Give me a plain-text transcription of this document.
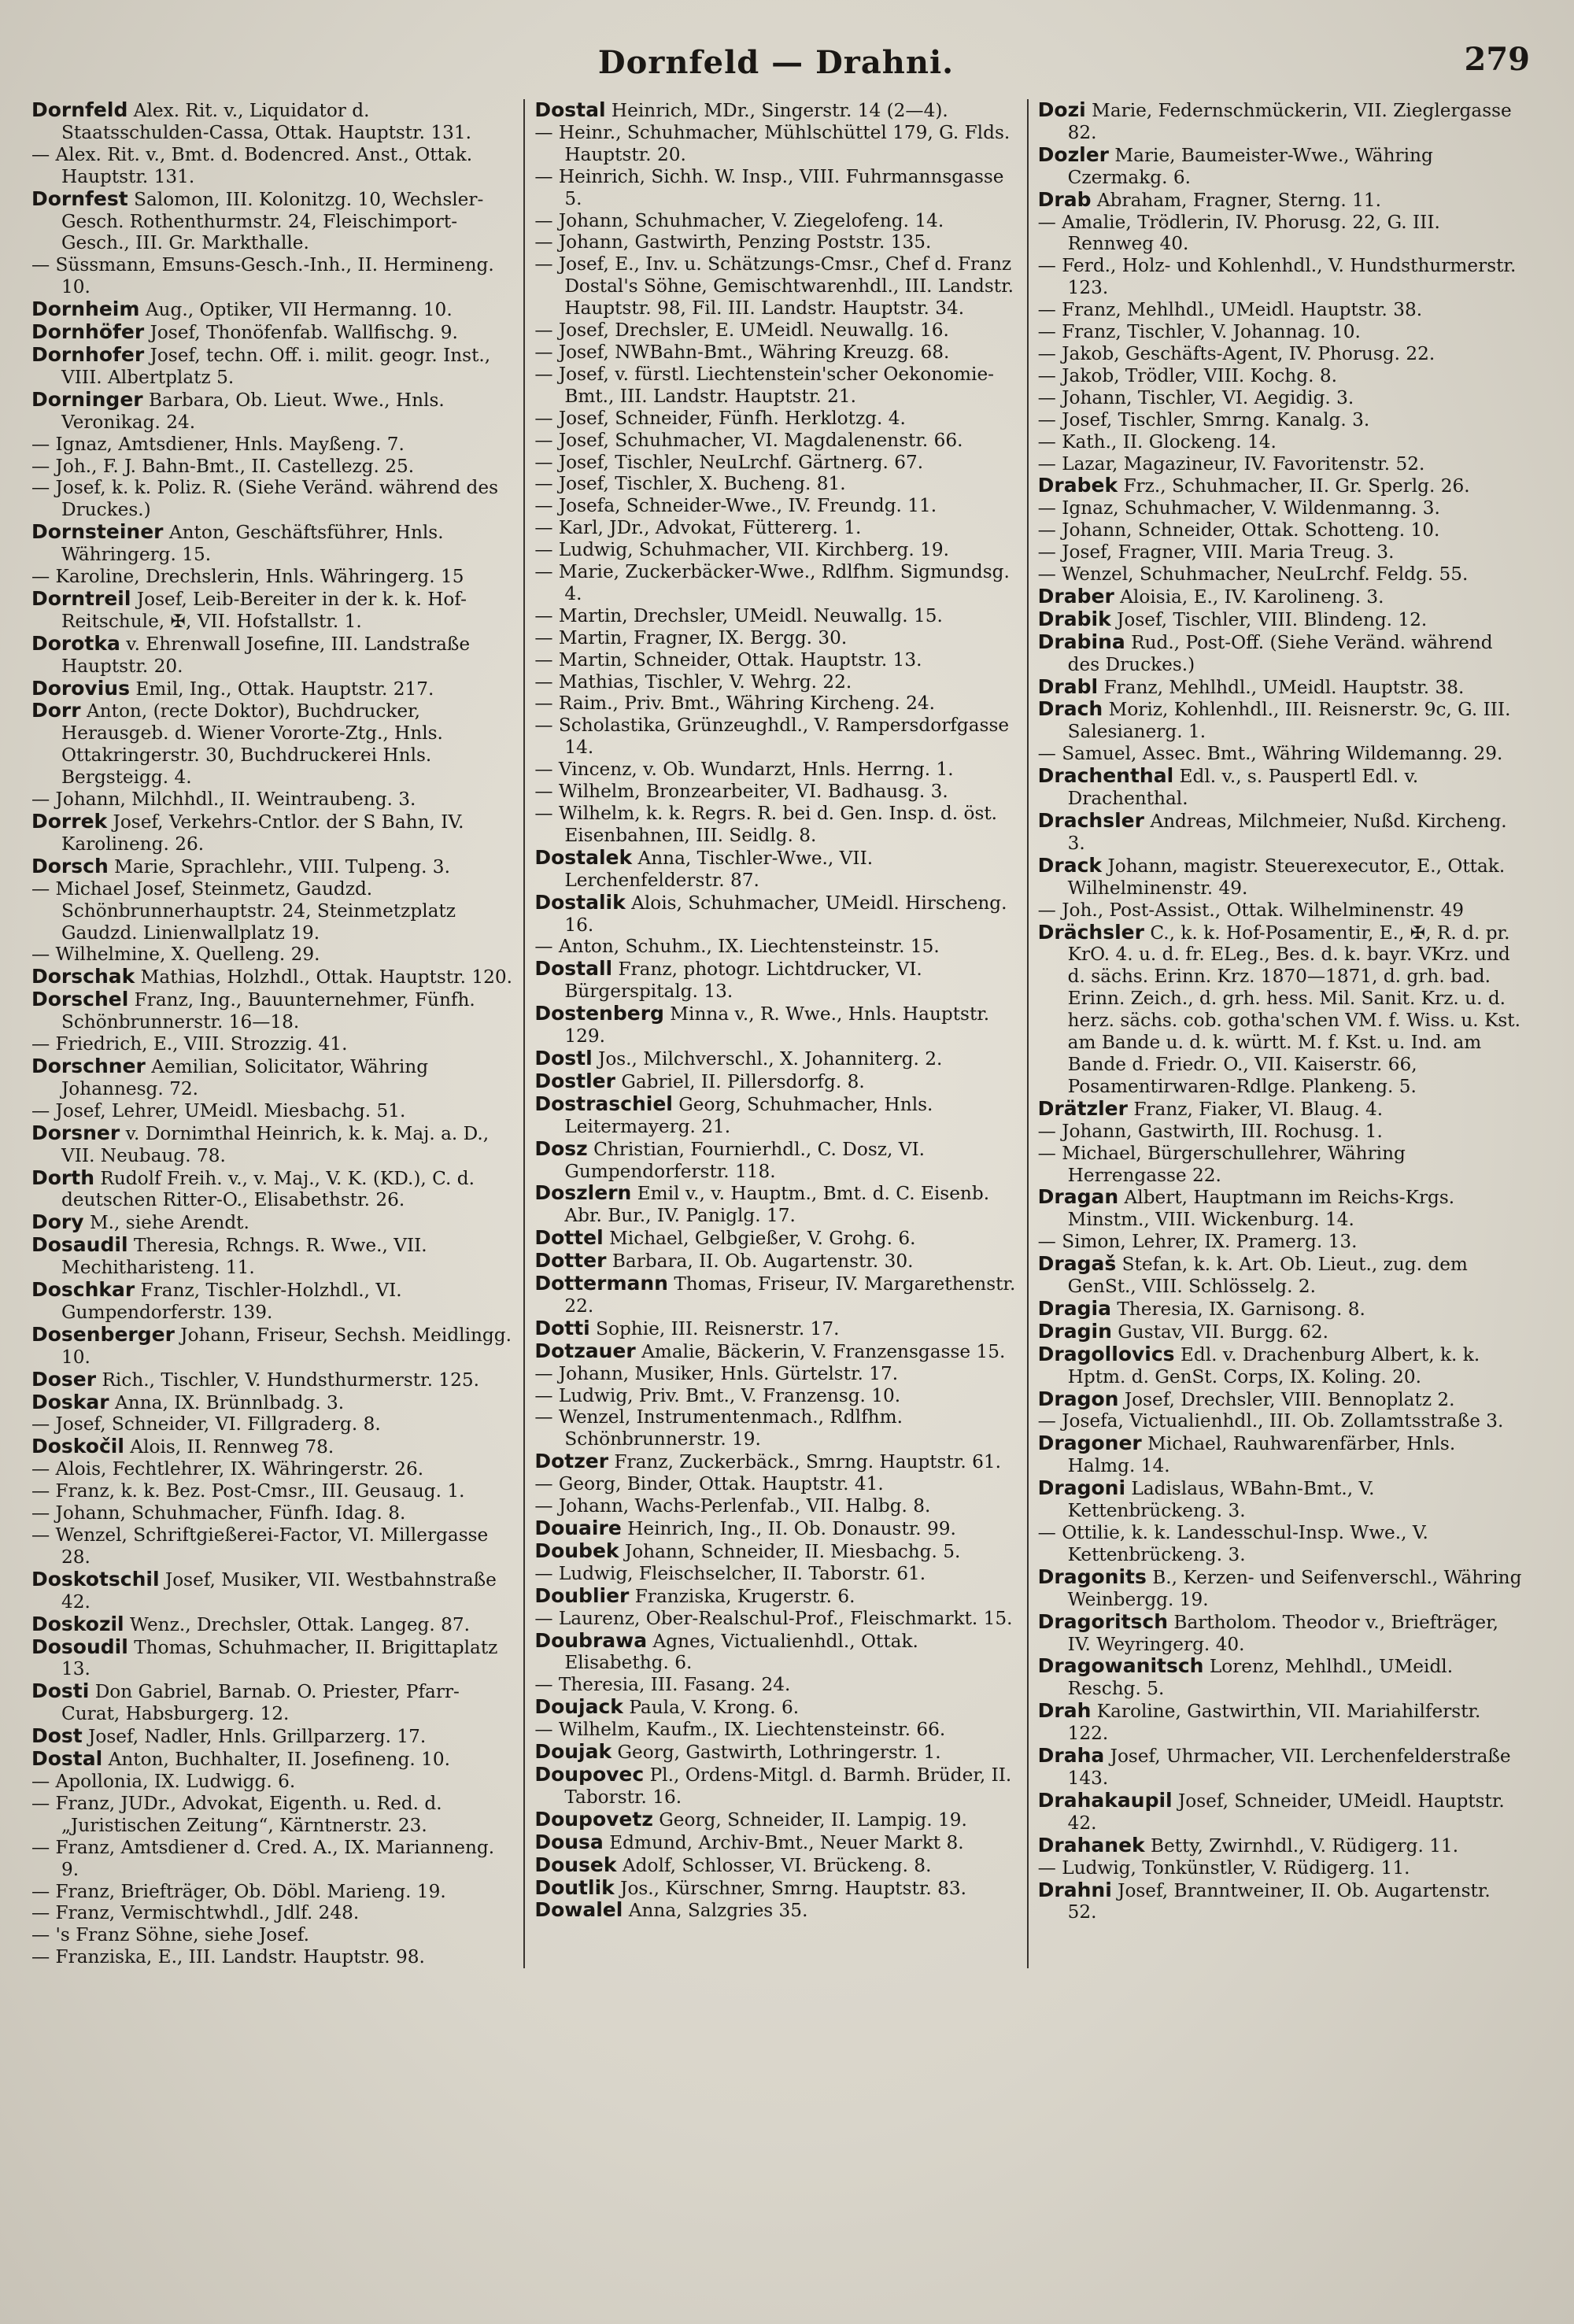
Dornfeld — Drahni.	279

Dornfeld Alex. Rit. v., Liquidator d. Staatsschulden-Cassa, Ottak. Hauptstr. 131.

— Alex. Rit. v., Bmt. d. Bodencred. Anst., Ottak. Hauptstr. 131.

Dornfest Salomon, III. Kolonitzg. 10, Wechsler-Gesch. Rothenthurmstr. 24, Fleischimport-Gesch., III. Gr. Markthalle.

— Süssmann, Emsuns-Gesch.-Inh., II. Hermineng. 10.

Dornheim Aug., Optiker, VII Hermanng. 10.

Dornhöfer Josef, Thonöfenfab. Wallfischg. 9.

Dornhofer Josef, techn. Off. i. milit. geogr. Inst., VIII. Albertplatz 5.

Dorninger Barbara, Ob. Lieut. Wwe., Hnls. Veronikag. 24.

— Ignaz, Amtsdiener, Hnls. Mayßeng. 7.

— Joh., F. J. Bahn-Bmt., II. Castellezg. 25.

— Josef, k. k. Poliz. R. (Siehe Veränd. während des Druckes.)

Dornsteiner Anton, Geschäftsführer, Hnls. Währingerg. 15.

— Karoline, Drechslerin, Hnls. Währingerg. 15

Dorntreil Josef, Leib-Bereiter in der k. k. Hof-Reitschule, ✠, VII. Hofstallstr. 1.

Dorotka v. Ehrenwall Josefine, III. Landstraße Hauptstr. 20.

Dorovius Emil, Ing., Ottak. Hauptstr. 217.

Dorr Anton, (recte Doktor), Buchdrucker, Herausgeb. d. Wiener Vororte-Ztg., Hnls. Ottakringerstr. 30, Buchdruckerei Hnls. Bergsteigg. 4.

— Johann, Milchhdl., II. Weintraubeng. 3.

Dorrek Josef, Verkehrs-Cntlor. der S Bahn, IV. Karolineng. 26.

Dorsch Marie, Sprachlehr., VIII. Tulpeng. 3.

— Michael Josef, Steinmetz, Gaudzd. Schönbrunnerhauptstr. 24, Steinmetzplatz Gaudzd. Linienwallplatz 19.

— Wilhelmine, X. Quelleng. 29.

Dorschak Mathias, Holzhdl., Ottak. Hauptstr. 120.

Dorschel Franz, Ing., Bauunternehmer, Fünfh. Schönbrunnerstr. 16—18.

— Friedrich, E., VIII. Strozzig. 41.

Dorschner Aemilian, Solicitator, Währing Johannesg. 72.

— Josef, Lehrer, UMeidl. Miesbachg. 51.

Dorsner v. Dornimthal Heinrich, k. k. Maj. a. D., VII. Neubaug. 78.

Dorth Rudolf Freih. v., v. Maj., V. K. (KD.), C. d. deutschen Ritter-O., Elisabethstr. 26.

Dory M., siehe Arendt.

Dosaudil Theresia, Rchngs. R. Wwe., VII. Mechitharisteng. 11.

Doschkar Franz, Tischler-Holzhdl., VI. Gumpendorferstr. 139.

Dosenberger Johann, Friseur, Sechsh. Meidlingg. 10.

Doser Rich., Tischler, V. Hundsthurmerstr. 125.

Doskar Anna, IX. Brünnlbadg. 3.

— Josef, Schneider, VI. Fillgraderg. 8.

Doskočil Alois, II. Rennweg 78.

— Alois, Fechtlehrer, IX. Währingerstr. 26.

— Franz, k. k. Bez. Post-Cmsr., III. Geusaug. 1.

— Johann, Schuhmacher, Fünfh. Idag. 8.

— Wenzel, Schriftgießerei-Factor, VI. Millergasse 28.

Doskotschil Josef, Musiker, VII. Westbahnstraße 42.

Doskozil Wenz., Drechsler, Ottak. Langeg. 87.

Dosoudil Thomas, Schuhmacher, II. Brigittaplatz 13.

Dosti Don Gabriel, Barnab. O. Priester, Pfarr-Curat, Habsburgerg. 12.

Dost Josef, Nadler, Hnls. Grillparzerg. 17.

Dostal Anton, Buchhalter, II. Josefineng. 10.

— Apollonia, IX. Ludwigg. 6.

— Franz, JUDr., Advokat, Eigenth. u. Red. d. „Juristischen Zeitung“, Kärntnerstr. 23.

— Franz, Amtsdiener d. Cred. A., IX. Marianneng. 9.

— Franz, Briefträger, Ob. Döbl. Marieng. 19.

— Franz, Vermischtwhdl., Jdlf. 248.

— 's Franz Söhne, siehe Josef.

— Franziska, E., III. Landstr. Hauptstr. 98.

Dostal Heinrich, MDr., Singerstr. 14 (2—4).

— Heinr., Schuhmacher, Mühlschüttel 179, G. Flds. Hauptstr. 20.

— Heinrich, Sichh. W. Insp., VIII. Fuhrmannsgasse 5.

— Johann, Schuhmacher, V. Ziegelofeng. 14.

— Johann, Gastwirth, Penzing Poststr. 135.

— Josef, E., Inv. u. Schätzungs-Cmsr., Chef d. Franz Dostal's Söhne, Gemischtwarenhdl., III. Landstr. Hauptstr. 98, Fil. III. Landstr. Hauptstr. 34.

— Josef, Drechsler, E. UMeidl. Neuwallg. 16.

— Josef, NWBahn-Bmt., Währing Kreuzg. 68.

— Josef, v. fürstl. Liechtenstein'scher Oekonomie-Bmt., III. Landstr. Hauptstr. 21.

— Josef, Schneider, Fünfh. Herklotzg. 4.

— Josef, Schuhmacher, VI. Magdalenenstr. 66.

— Josef, Tischler, NeuLrchf. Gärtnerg. 67.

— Josef, Tischler, X. Bucheng. 81.

— Josefa, Schneider-Wwe., IV. Freundg. 11.

— Karl, JDr., Advokat, Füttererg. 1.

— Ludwig, Schuhmacher, VII. Kirchberg. 19.

— Marie, Zuckerbäcker-Wwe., Rdlfhm. Sigmundsg. 4.

— Martin, Drechsler, UMeidl. Neuwallg. 15.

— Martin, Fragner, IX. Bergg. 30.

— Martin, Schneider, Ottak. Hauptstr. 13.

— Mathias, Tischler, V. Wehrg. 22.

— Raim., Priv. Bmt., Währing Kircheng. 24.

— Scholastika, Grünzeughdl., V. Rampersdorfgasse 14.

— Vincenz, v. Ob. Wundarzt, Hnls. Herrng. 1.

— Wilhelm, Bronzearbeiter, VI. Badhausg. 3.

— Wilhelm, k. k. Regrs. R. bei d. Gen. Insp. d. öst. Eisenbahnen, III. Seidlg. 8.

Dostalek Anna, Tischler-Wwe., VII. Lerchenfelderstr. 87.

Dostalik Alois, Schuhmacher, UMeidl. Hirscheng. 16.

— Anton, Schuhm., IX. Liechtensteinstr. 15.

Dostall Franz, photogr. Lichtdrucker, VI. Bürgerspitalg. 13.

Dostenberg Minna v., R. Wwe., Hnls. Hauptstr. 129.

Dostl Jos., Milchverschl., X. Johanniterg. 2.

Dostler Gabriel, II. Pillersdorfg. 8.

Dostraschiel Georg, Schuhmacher, Hnls. Leitermayerg. 21.

Dosz Christian, Fournierhdl., C. Dosz, VI. Gumpendorferstr. 118.

Doszlern Emil v., v. Hauptm., Bmt. d. C. Eisenb. Abr. Bur., IV. Paniglg. 17.

Dottel Michael, Gelbgießer, V. Grohg. 6.

Dotter Barbara, II. Ob. Augartenstr. 30.

Dottermann Thomas, Friseur, IV. Margarethenstr. 22.

Dotti Sophie, III. Reisnerstr. 17.

Dotzauer Amalie, Bäckerin, V. Franzensgasse 15.

— Johann, Musiker, Hnls. Gürtelstr. 17.

— Ludwig, Priv. Bmt., V. Franzensg. 10.

— Wenzel, Instrumentenmach., Rdlfhm. Schönbrunnerstr. 19.

Dotzer Franz, Zuckerbäck., Smrng. Hauptstr. 61.

— Georg, Binder, Ottak. Hauptstr. 41.

— Johann, Wachs-Perlenfab., VII. Halbg. 8.

Douaire Heinrich, Ing., II. Ob. Donaustr. 99.

Doubek Johann, Schneider, II. Miesbachg. 5.

— Ludwig, Fleischselcher, II. Taborstr. 61.

Doublier Franziska, Krugerstr. 6.

— Laurenz, Ober-Realschul-Prof., Fleischmarkt. 15.

Doubrawa Agnes, Victualienhdl., Ottak. Elisabethg. 6.

— Theresia, III. Fasang. 24.

Doujack Paula, V. Krong. 6.

— Wilhelm, Kaufm., IX. Liechtensteinstr. 66.

Doujak Georg, Gastwirth, Lothringerstr. 1.

Doupovec Pl., Ordens-Mitgl. d. Barmh. Brüder, II. Taborstr. 16.

Doupovetz Georg, Schneider, II. Lampig. 19.

Dousa Edmund, Archiv-Bmt., Neuer Markt 8.

Dousek Adolf, Schlosser, VI. Brückeng. 8.

Doutlik Jos., Kürschner, Smrng. Hauptstr. 83.

Dowalel Anna, Salzgries 35.

Dozi Marie, Federnschmückerin, VII. Zieglergasse 82.

Dozler Marie, Baumeister-Wwe., Währing Czermakg. 6.

Drab Abraham, Fragner, Sterng. 11.

— Amalie, Trödlerin, IV. Phorusg. 22, G. III. Rennweg 40.

— Ferd., Holz- und Kohlenhdl., V. Hundsthurmerstr. 123.

— Franz, Mehlhdl., UMeidl. Hauptstr. 38.

— Franz, Tischler, V. Johannag. 10.

— Jakob, Geschäfts-Agent, IV. Phorusg. 22.

— Jakob, Trödler, VIII. Kochg. 8.

— Johann, Tischler, VI. Aegidig. 3.

— Josef, Tischler, Smrng. Kanalg. 3.

— Kath., II. Glockeng. 14.

— Lazar, Magazineur, IV. Favoritenstr. 52.

Drabek Frz., Schuhmacher, II. Gr. Sperlg. 26.

— Ignaz, Schuhmacher, V. Wildenmanng. 3.

— Johann, Schneider, Ottak. Schotteng. 10.

— Josef, Fragner, VIII. Maria Treug. 3.

— Wenzel, Schuhmacher, NeuLrchf. Feldg. 55.

Draber Aloisia, E., IV. Karolineng. 3.

Drabik Josef, Tischler, VIII. Blindeng. 12.

Drabina Rud., Post-Off. (Siehe Veränd. während des Druckes.)

Drabl Franz, Mehlhdl., UMeidl. Hauptstr. 38.

Drach Moriz, Kohlenhdl., III. Reisnerstr. 9c, G. III. Salesianerg. 1.

— Samuel, Assec. Bmt., Währing Wildemanng. 29.

Drachenthal Edl. v., s. Pauspertl Edl. v. Drachenthal.

Drachsler Andreas, Milchmeier, Nußd. Kircheng. 3.

Drack Johann, magistr. Steuerexecutor, E., Ottak. Wilhelminenstr. 49.

— Joh., Post-Assist., Ottak. Wilhelminenstr. 49

Drächsler C., k. k. Hof-Posamentir, E., ✠, R. d. pr. KrO. 4. u. d. fr. ELeg., Bes. d. k. bayr. VKrz. und d. sächs. Erinn. Krz. 1870—1871, d. grh. bad. Erinn. Zeich., d. grh. hess. Mil. Sanit. Krz. u. d. herz. sächs. cob. gotha'schen VM. f. Wiss. u. Kst. am Bande u. d. k. württ. M. f. Kst. u. Ind. am Bande d. Friedr. O., VII. Kaiserstr. 66, Posamentirwaren-Rdlge. Plankeng. 5.

Drätzler Franz, Fiaker, VI. Blaug. 4.

— Johann, Gastwirth, III. Rochusg. 1.

— Michael, Bürgerschullehrer, Währing Herrengasse 22.

Dragan Albert, Hauptmann im Reichs-Krgs. Minstm., VIII. Wickenburg. 14.

— Simon, Lehrer, IX. Pramerg. 13.

Dragaš Stefan, k. k. Art. Ob. Lieut., zug. dem GenSt., VIII. Schlösselg. 2.

Dragia Theresia, IX. Garnisong. 8.

Dragin Gustav, VII. Burgg. 62.

Dragollovics Edl. v. Drachenburg Albert, k. k. Hptm. d. GenSt. Corps, IX. Koling. 20.

Dragon Josef, Drechsler, VIII. Bennoplatz 2.

— Josefa, Victualienhdl., III. Ob. Zollamtsstraße 3.

Dragoner Michael, Rauhwarenfärber, Hnls. Halmg. 14.

Dragoni Ladislaus, WBahn-Bmt., V. Kettenbrückeng. 3.

— Ottilie, k. k. Landesschul-Insp. Wwe., V. Kettenbrückeng. 3.

Dragonits B., Kerzen- und Seifenverschl., Währing Weinbergg. 19.

Dragoritsch Bartholom. Theodor v., Briefträger, IV. Weyringerg. 40.

Dragowanitsch Lorenz, Mehlhdl., UMeidl. Reschg. 5.

Drah Karoline, Gastwirthin, VII. Mariahilferstr. 122.

Draha Josef, Uhrmacher, VII. Lerchenfelderstraße 143.

Drahakaupil Josef, Schneider, UMeidl. Hauptstr. 42.

Drahanek Betty, Zwirnhdl., V. Rüdigerg. 11.

— Ludwig, Tonkünstler, V. Rüdigerg. 11.

Drahni Josef, Branntweiner, II. Ob. Augartenstr. 52.
